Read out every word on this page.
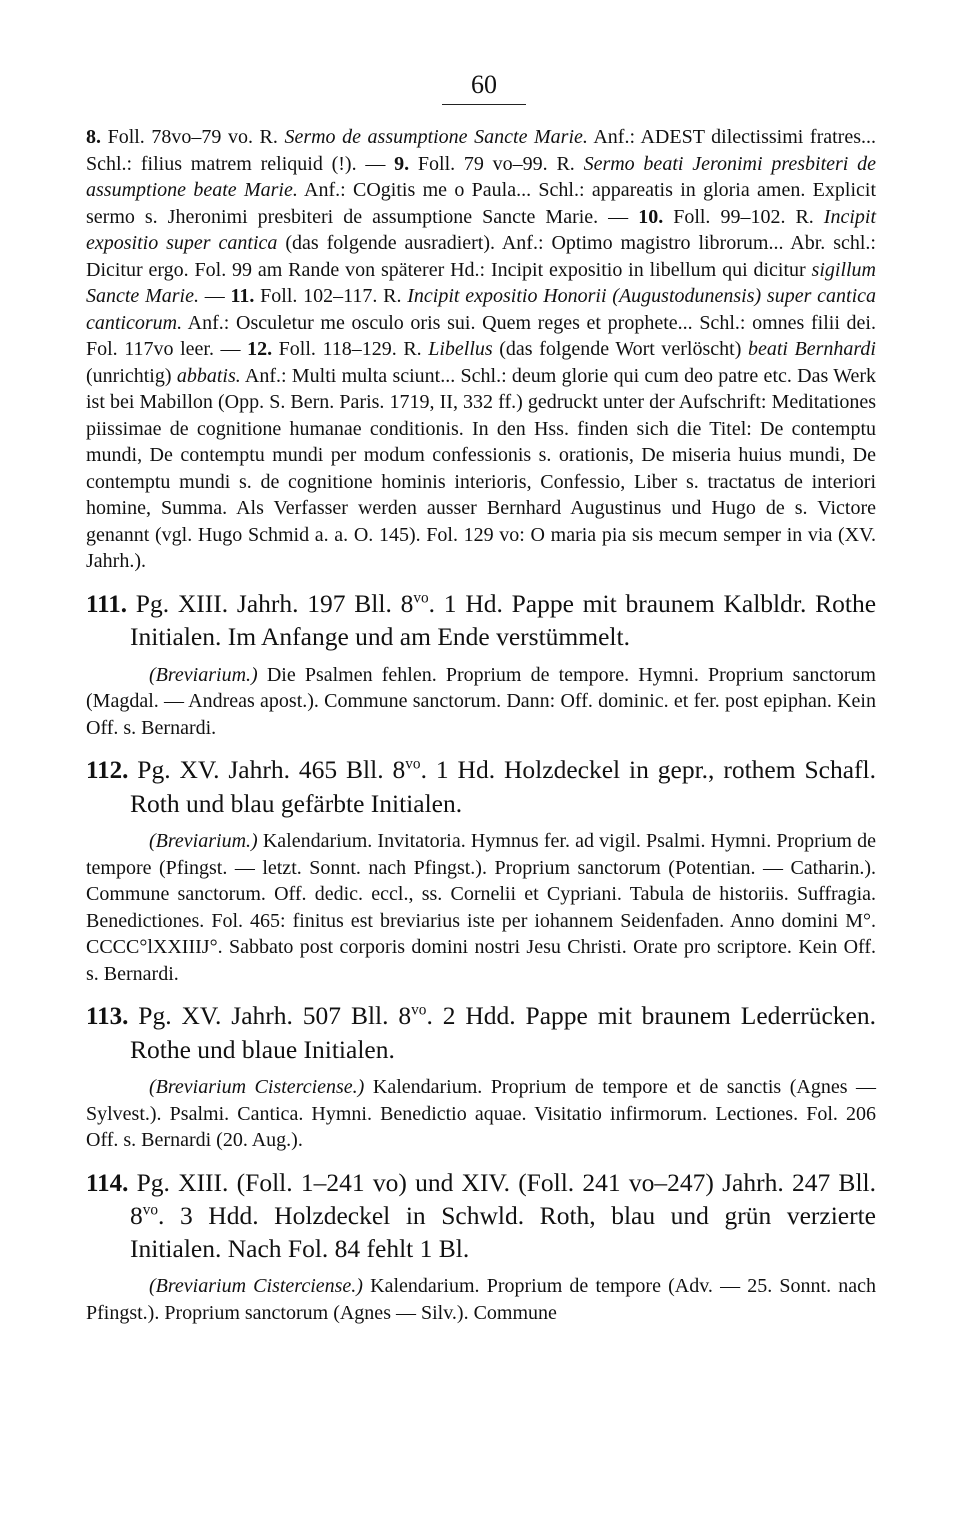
60
8. Foll. 78vo–79 vo. R. Sermo de assumptione Sancte Marie. Anf.: ADEST dilectissimi fratres... Schl.: filius matrem reliquid (!). — 9. Foll. 79 vo–99. R. Sermo beati Jeronimi presbiteri de assumptione beate Marie. Anf.: COgitis me o Paula... Schl.: appareatis in gloria amen. Explicit sermo s. Jheronimi presbiteri de assumptione Sancte Marie. — 10. Foll. 99–102. R. Incipit expositio super cantica (das folgende ausradiert). Anf.: Optimo magistro librorum... Abr. schl.: Dicitur ergo. Fol. 99 am Rande von späterer Hd.: Incipit expositio in libellum qui dicitur sigillum Sancte Marie. — 11. Foll. 102–117. R. Incipit expositio Honorii (Augustodunensis) super cantica canticorum. Anf.: Osculetur me osculo oris sui. Quem reges et prophete... Schl.: omnes filii dei. Fol. 117vo leer. — 12. Foll. 118–129. R. Libellus (das folgende Wort verlöscht) beati Bernhardi (unrichtig) abbatis. Anf.: Multi multa sciunt... Schl.: deum glorie qui cum deo patre etc. Das Werk ist bei Mabillon (Opp. S. Bern. Paris. 1719, II, 332 ff.) gedruckt unter der Aufschrift: Meditationes piissimae de cognitione humanae conditionis. In den Hss. finden sich die Titel: De contemptu mundi, De contemptu mundi per modum confessionis s. orationis, De miseria huius mundi, De contemptu mundi s. de cognitione hominis interioris, Confessio, Liber s. tractatus de interiori homine, Summa. Als Verfasser werden ausser Bernhard Augustinus und Hugo de s. Victore genannt (vgl. Hugo Schmid a. a. O. 145). Fol. 129 vo: O maria pia sis mecum semper in via (XV. Jahrh.).
111. Pg. XIII. Jahrh. 197 Bll. $8^{vo}$. 1 Hd. Pappe mit braunem Kalbldr. Rothe Initialen. Im Anfange und am Ende verstümmelt.
(Breviarium.) Die Psalmen fehlen. Proprium de tempore. Hymni. Proprium sanctorum (Magdal. — Andreas apost.). Commune sanctorum. Dann: Off. dominic. et fer. post epiphan. Kein Off. s. Bernardi.
112. Pg. XV. Jahrh. 465 Bll. $8^{vo}$. 1 Hd. Holzdeckel in gepr., rothem Schafl. Roth und blau gefärbte Initialen.
(Breviarium.) Kalendarium. Invitatoria. Hymnus fer. ad vigil. Psalmi. Hymni. Proprium de tempore (Pfingst. — letzt. Sonnt. nach Pfingst.). Proprium sanctorum (Potentian. — Catharin.). Commune sanctorum. Off. dedic. eccl., ss. Cornelii et Cypriani. Tabula de historiis. Suffragia. Benedictiones. Fol. 465: finitus est breviarius iste per iohannem Seidenfaden. Anno domini M°. CCCC°lXXIIIJ°. Sabbato post corporis domini nostri Jesu Christi. Orate pro scriptore. Kein Off. s. Bernardi.
113. Pg. XV. Jahrh. 507 Bll. $8^{vo}$. 2 Hdd. Pappe mit braunem Lederrücken. Rothe und blaue Initialen.
(Breviarium Cisterciense.) Kalendarium. Proprium de tempore et de sanctis (Agnes — Sylvest.). Psalmi. Cantica. Hymni. Benedictio aquae. Visitatio infirmorum. Lectiones. Fol. 206 Off. s. Bernardi (20. Aug.).
114. Pg. XIII. (Foll. 1–241 vo) und XIV. (Foll. 241 vo–247) Jahrh. 247 Bll. $8^{vo}$. 3 Hdd. Holzdeckel in Schwld. Roth, blau und grün verzierte Initialen. Nach Fol. 84 fehlt 1 Bl.
(Breviarium Cisterciense.) Kalendarium. Proprium de tempore (Adv. — 25. Sonnt. nach Pfingst.). Proprium sanctorum (Agnes — Silv.). Commune
